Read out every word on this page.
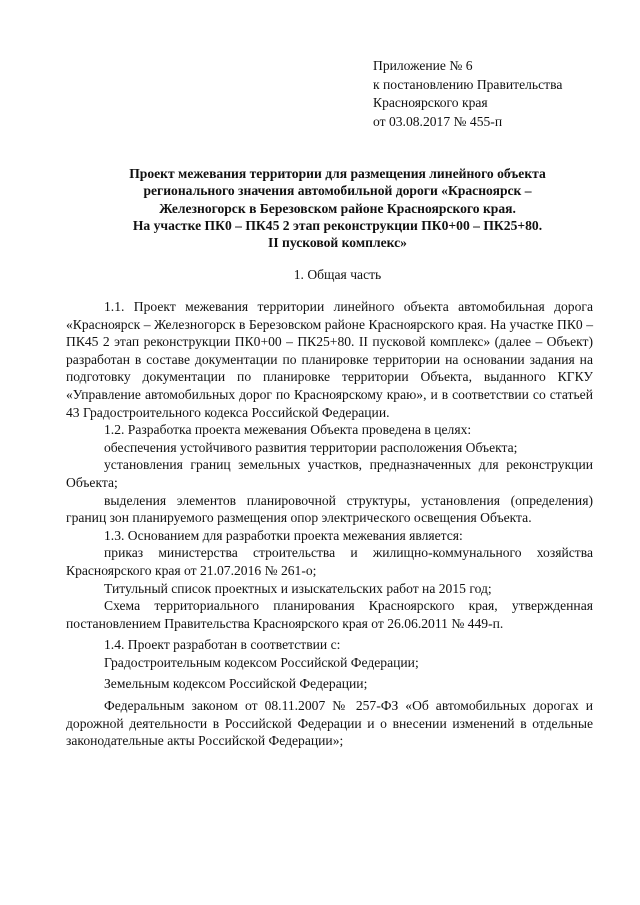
Приложение № 6
к постановлению Правительства
Красноярского края
от 03.08.2017 № 455-п
Проект межевания территории для размещения линейного объекта
регионального значения автомобильной дороги «Красноярск –
Железногорск в Березовском районе Красноярского края.
На участке ПК0 – ПК45 2 этап реконструкции ПК0+00 – ПК25+80.
II пусковой комплекс»
1. Общая часть

1.1. Проект межевания территории линейного объекта автомобильная дорога «Красноярск – Железногорск в Березовском районе Красноярского края. На участке ПК0 – ПК45 2 этап реконструкции ПК0+00 – ПК25+80. II пусковой комплекс» (далее – Объект) разработан в составе документации по планировке территории на основании задания на подготовку документации по планировке территории Объекта, выданного КГКУ «Управление автомобильных дорог по Красноярскому краю», и в соответствии со статьей 43 Градостроительного кодекса Российской Федерации.

1.2. Разработка проекта межевания Объекта проведена в целях:

обеспечения устойчивого развития территории расположения Объекта;

установления границ земельных участков, предназначенных для реконструкции Объекта;

выделения элементов планировочной структуры, установления (определения) границ зон планируемого размещения опор электрического освещения Объекта.

1.3. Основанием для разработки проекта межевания является:

приказ министерства строительства и жилищно-коммунального хозяйства Красноярского края от 21.07.2016 № 261-о;

Титульный список проектных и изыскательских работ на 2015 год;

Схема территориального планирования Красноярского края, утвержденная постановлением Правительства Красноярского края от 26.06.2011 № 449-п.

1.4. Проект разработан в соответствии с:

Градостроительным кодексом Российской Федерации;

Земельным кодексом Российской Федерации;

Федеральным законом от 08.11.2007 № 257-ФЗ «Об автомобильных дорогах и дорожной деятельности в Российской Федерации и о внесении изменений в отдельные законодательные акты Российской Федерации»;
